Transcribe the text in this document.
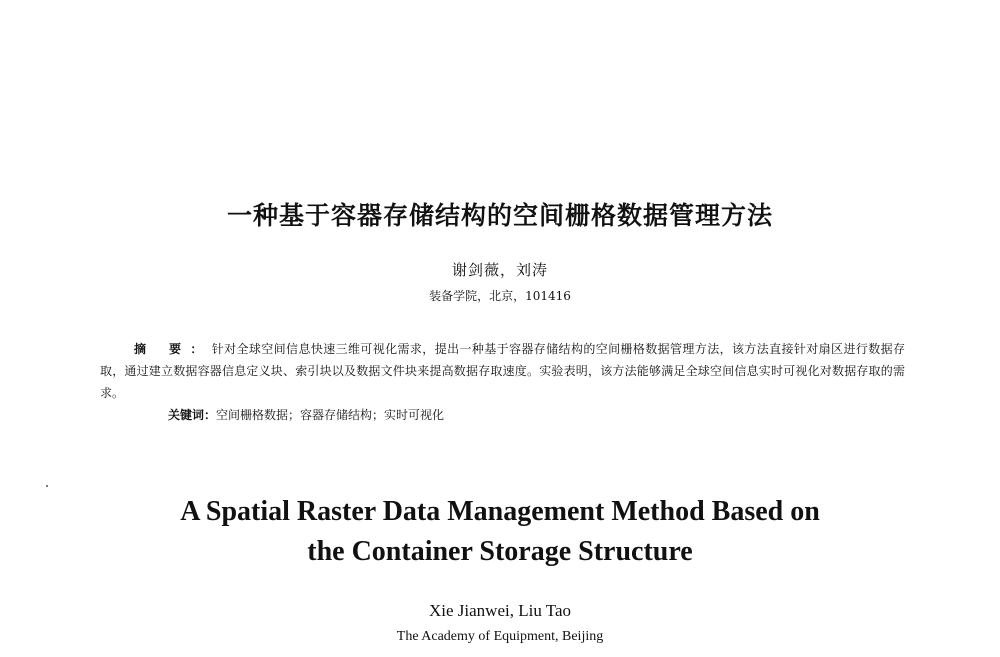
一种基于容器存储结构的空间栅格数据管理方法
谢剑薇，刘涛
装备学院，北京，101416

摘 要：针对全球空间信息快速三维可视化需求，提出一种基于容器存储结构的空间栅格数据管理方法，该方法直接针对扇区进行数据存取，通过建立数据容器信息定义块、索引块以及数据文件块来提高数据存取速度。实验表明，该方法能够满足全球空间信息实时可视化对数据存取的需求。

关键词：空间栅格数据；容器存储结构；实时可视化

A Spatial Raster Data Management Method Based on
the Container Storage Structure
Xie Jianwei, Liu Tao
The Academy of Equipment, Beijing
